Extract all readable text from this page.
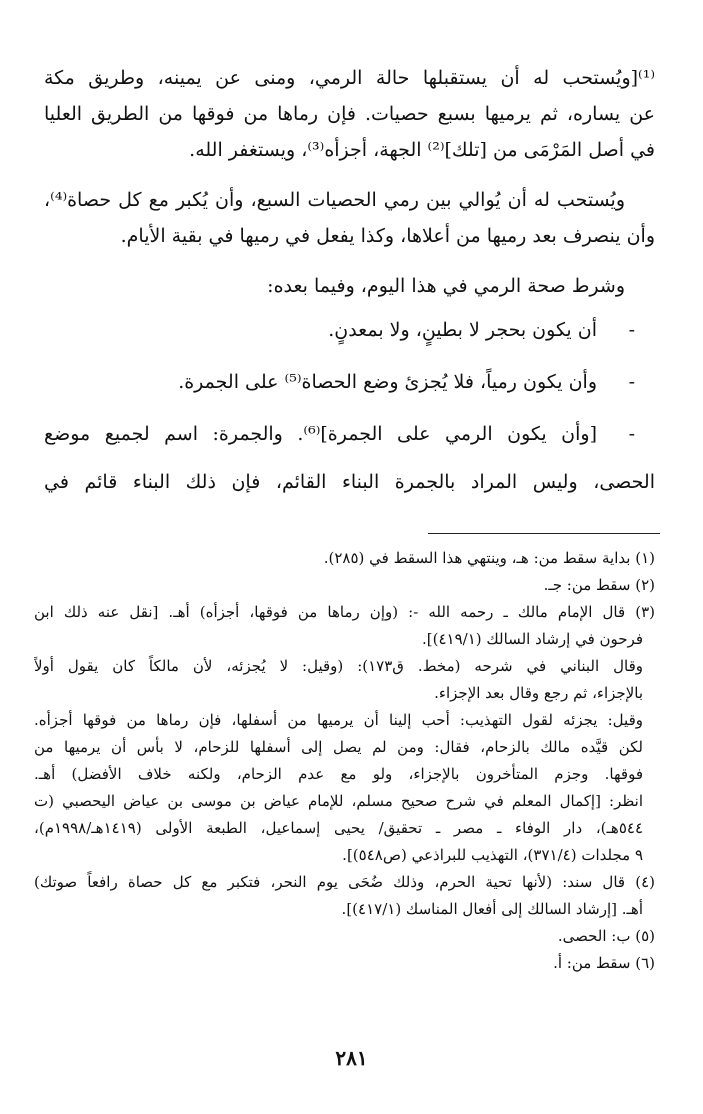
⁽¹⁾[ويُستحب له أن يستقبلها حالة الرمي، ومنى عن يمينه، وطريق مكة
عن يساره، ثم يرميها بسبع حصيات. فإن رماها من فوقها من الطريق العليا
في أصل المَرْمَى من [تلك]⁽²⁾ الجهة، أجزأه⁽³⁾، ويستغفر الله.
ويُستحب له أن يُوالي بين رمي الحصيات السبع، وأن يُكبر مع كل حصاة⁽⁴⁾،
وأن ينصرف بعد رميها من أعلاها، وكذا يفعل في رميها في بقية الأيام.
وشرط صحة الرمي في هذا اليوم، وفيما بعده:
-
أن يكون بحجر لا بطينٍ، ولا بمعدنٍ.
-
وأن يكون رمياً، فلا يُجزئ وضع الحصاة⁽⁵⁾ على الجمرة.
-
[وأن يكون الرمي على الجمرة]⁽⁶⁾. والجمرة: اسم لجميع موضع
الحصى، وليس المراد بالجمرة البناء القائم، فإن ذلك البناء قائم في
(١) بداية سقط من: هـ، وينتهي هذا السقط في (٢٨٥).
(٢) سقط من: جـ.
(٣) قال الإمام مالك ـ رحمه الله -: (وإن رماها من فوقها، أجزأه) أهـ. [نقل عنه ذلك ابن
فرحون في إرشاد السالك (٤١٩/١)].
وقال البناني في شرحه (مخط. ق١٧٣): (وقيل: لا يُجزئه، لأن مالكاً كان يقول أولاً
بالإجزاء، ثم رجع وقال بعد الإجزاء.
وقيل: يجزئه لقول التهذيب: أحب إلينا أن يرميها من أسفلها، فإن رماها من فوقها أجزأه.
لكن قيَّده مالك بالزحام، فقال: ومن لم يصل إلى أسفلها للزحام، لا بأس أن يرميها من
فوقها. وجزم المتأخرون بالإجزاء، ولو مع عدم الزحام، ولكنه خلاف الأفضل) أهـ.
انظر: [إكمال المعلم في شرح صحيح مسلم، للإمام عياض بن موسى بن عياض اليحصبي (ت
٥٤٤هـ)، دار الوفاء ـ مصر ـ تحقيق/ يحيى إسماعيل، الطبعة الأولى (١٤١٩هـ/١٩٩٨م)،
٩ مجلدات (٣٧١/٤)، التهذيب للبراذعي (ص٥٤٨)].
(٤) قال سند: (لأنها تحية الحرم، وذلك ضُحَى يوم النحر، فتكبر مع كل حصاة رافعاً صوتك)
أهـ. [إرشاد السالك إلى أفعال المناسك (٤١٧/١)].
(٥) ب: الحصى.
(٦) سقط من: أ.
٢٨١
